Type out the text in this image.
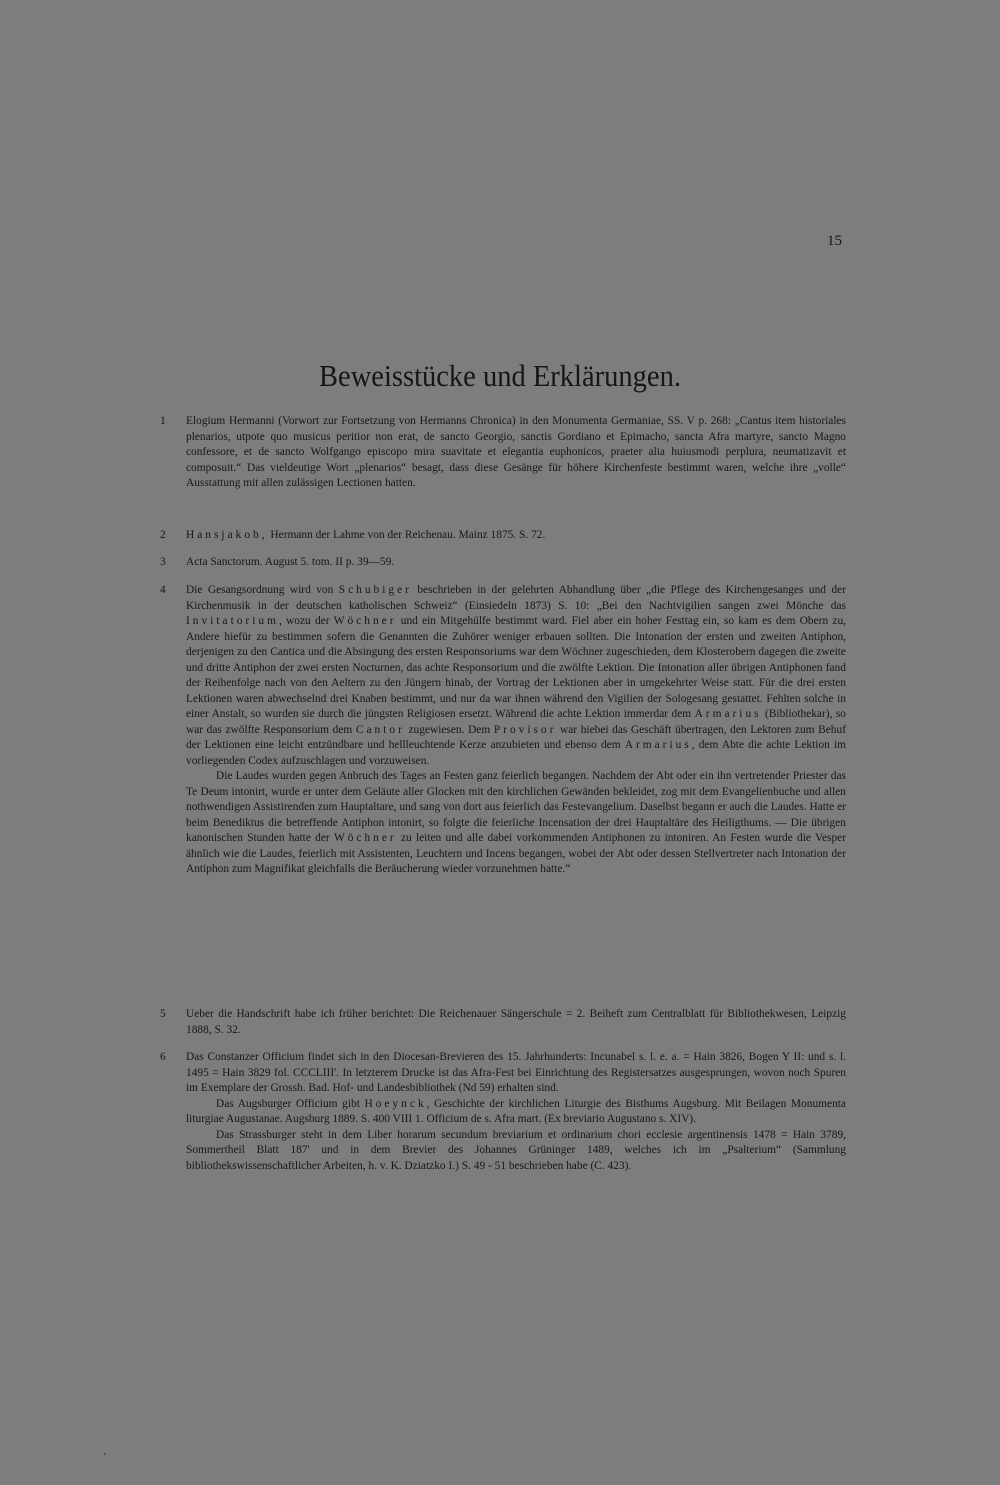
15
Beweisstücke und Erklärungen.
1	Elogium Hermanni (Vorwort zur Fortsetzung von Hermanns Chronica) in den Monumenta Germaniae, SS. V p. 268: „Cantus item historiales plenarios, utpote quo musicus peritior non erat, de sancto Georgio, sanctis Gordiano et Epimacho, sancta Afra martyre, sancto Magno confessore, et de sancto Wolfgango episcopo mira suavitate et elegantia euphonicos, praeter alia huiusmodi perplura, neumatizavit et composuit.“ Das vieldeutige Wort „plenarios“ besagt, dass diese Gesänge für höhere Kirchenfeste bestimmt waren, welche ihre „volle“ Ausstattung mit allen zulässigen Lectionen hatten.

2	Hansjakob, Hermann der Lahme von der Reichenau. Mainz 1875. S. 72.

3	Acta Sanctorum. August 5. tom. II p. 39—59.

4	Die Gesangsordnung wird von Schubiger beschrieben in der gelehrten Abhandlung über „die Pflege des Kirchengesanges und der Kirchenmusik in der deutschen katholischen Schweiz“ (Einsiedeln 1873) S. 10: „Bei den Nachtvigilien sangen zwei Mönche das Invitatorium, wozu der Wöchner und ein Mitgehülfe bestimmt ward. Fiel aber ein hoher Festtag ein, so kam es dem Obern zu, Andere hiefür zu bestimmen sofern die Genannten die Zuhörer weniger erbauen sollten. Die Intonation der ersten und zweiten Antiphon, derjenigen zu den Cantica und die Absingung des ersten Responsoriums war dem Wöchner zugeschieden, dem Klosterobern dagegen die zweite und dritte Antiphon der zwei ersten Nocturnen, das achte Responsorium und die zwölfte Lektion. Die Intonation aller übrigen Antiphonen fand der Reihenfolge nach von den Aeltern zu den Jüngern hinab, der Vortrag der Lektionen aber in umgekehrter Weise statt. Für die drei ersten Lektionen waren abwechselnd drei Knaben bestimmt, und nur da war ihnen während den Vigilien der Sologesang gestattet. Fehlten solche in einer Anstalt, so wurden sie durch die jüngsten Religiosen ersetzt. Während die achte Lektion immerdar dem Armarius (Bibliothekar), so war das zwölfte Responsorium dem Cantor zugewiesen. Dem Provisor war hiebei das Geschäft übertragen, den Lektoren zum Behuf der Lektionen eine leicht entzündbare und hellleuchtende Kerze anzubieten und ebenso dem Armarius, dem Abte die achte Lektion im vorliegenden Codex aufzuschlagen und vorzuweisen.

Die Laudes wurden gegen Anbruch des Tages an Festen ganz feierlich begangen. Nachdem der Abt oder ein ihn vertretender Priester das Te Deum intonirt, wurde er unter dem Geläute aller Glocken mit den kirchlichen Gewänden bekleidet, zog mit dem Evangelienbuche und allen nothwendigen Assistirenden zum Hauptaltare, und sang von dort aus feierlich das Festevangelium. Daselbst begann er auch die Laudes. Hatte er beim Benediktus die betreffende Antiphon intonirt, so folgte die feierliche Incensation der drei Hauptaltäre des Heiligthums. — Die übrigen kanonischen Stunden hatte der Wöchner zu leiten und alle dabei vorkommenden Antiphonen zu intoniren. An Festen wurde die Vesper ähnlich wie die Laudes, feierlich mit Assistenten, Leuchtern und Incens begangen, wobei der Abt oder dessen Stellvertreter nach Intonation der Antiphon zum Magnifikat gleichfalls die Beräucherung wieder vorzunehmen hatte.“

5	Ueber die Handschrift habe ich früher berichtet: Die Reichenauer Sängerschule = 2. Beiheft zum Centralblatt für Bibliothekwesen, Leipzig 1888, S. 32.

6	Das Constanzer Officium findet sich in den Diocesan-Brevieren des 15. Jahrhunderts: Incunabel s. l. e. a. = Hain 3826, Bogen Y II: und s. l. 1495 = Hain 3829 fol. CCCLIII'. In letzterem Drucke ist das Afra-Fest bei Einrichtung des Registersatzes ausgesprungen, wovon noch Spuren im Exemplare der Grossh. Bad. Hof- und Landesbibliothek (Nd 59) erhalten sind.

Das Augsburger Officium gibt Hoeynck, Geschichte der kirchlichen Liturgie des Bisthums Augsburg. Mit Beilagen Monumenta liturgiae Augustanae. Augsburg 1889. S. 400 VIII 1. Officium de s. Afra mart. (Ex breviario Augustano s. XIV).

Das Strassburger steht in dem Liber horarum secundum breviarium et ordinarium chori ecclesie argentinensis 1478 = Hain 3789, Sommertheil Blatt 187' und in dem Brevier des Johannes Grüninger 1489, welches ich im „Psalterium“ (Sammlung bibliothekswissenschaftlicher Arbeiten, h. v. K. Dziatzko I.) S. 49 - 51 beschrieben habe (C. 423).

'
